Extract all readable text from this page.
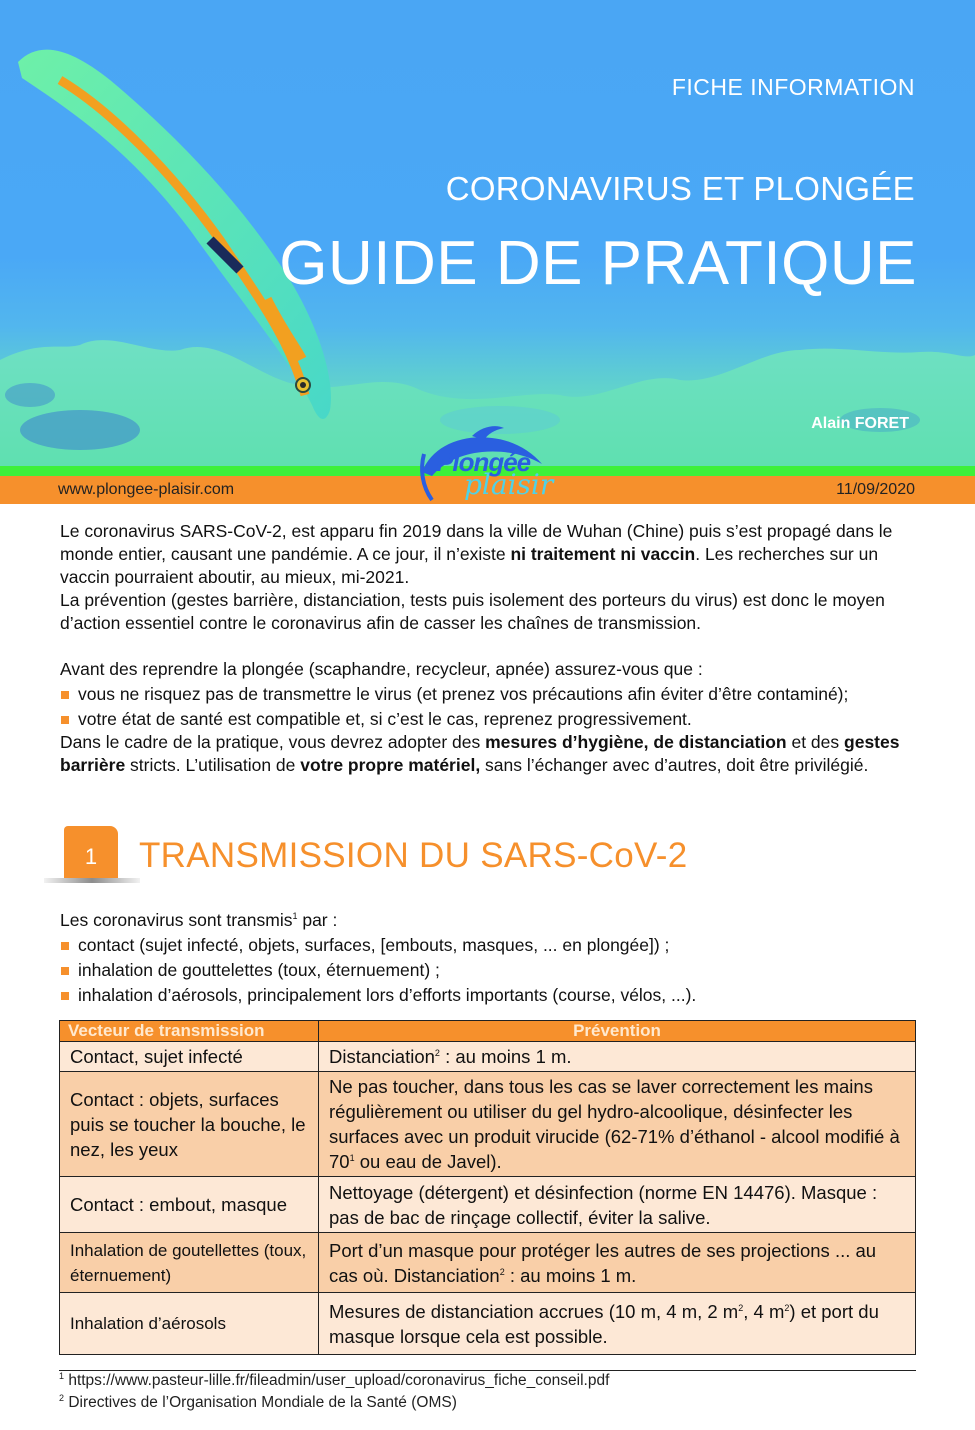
FICHE INFORMATION
CORONAVIRUS ET PLONGÉE
GUIDE DE PRATIQUE
Alain FORET
www.plongee-plaisir.com	11/09/2020
Plongée
plaisir

Le coronavirus SARS-CoV-2, est apparu fin 2019 dans la ville de Wuhan (Chine) puis s’est propagé dans le monde entier, causant une pandémie. A ce jour, il n’existe ni traitement ni vaccin. Les recherches sur un vaccin pourraient aboutir, au mieux, mi-2021.

La prévention (gestes barrière, distanciation, tests puis isolement des porteurs du virus) est donc le moyen d’action essentiel contre le coronavirus afin de casser les chaînes de transmission.

Avant des reprendre la plongée (scaphandre, recycleur, apnée) assurez-vous que :

vous ne risquez pas de transmettre le virus (et prenez vos précautions afin éviter d’être contaminé);
votre état de santé est compatible et, si c’est le cas, reprenez progressivement.

Dans le cadre de la pratique, vous devrez adopter des mesures d’hygiène, de distanciation et des gestes barrière stricts. L’utilisation de votre propre matériel, sans l’échanger avec d’autres, doit être privilégié.

1	TRANSMISSION DU SARS-CoV-2

Les coronavirus sont transmis$^1$ par :

contact (sujet infecté, objets, surfaces, [embouts, masques, ... en plongée]) ;
inhalation de gouttelettes (toux, éternuement) ;
inhalation d’aérosols, principalement lors d’efforts importants (course, vélos, ...).
Vecteur de transmission	Prévention
Contact, sujet infecté	Distanciation$^2$ : au moins 1 m.
Contact : objets, surfaces puis se toucher la bouche, le nez, les yeux	Ne pas toucher, dans tous les cas se laver correctement les mains régulièrement ou utiliser du gel hydro-alcoolique, désinfecter les surfaces avec un produit virucide (62-71% d’éthanol - alcool modifié à $70^1$ ou eau de Javel).
Contact : embout, masque	Nettoyage (détergent) et désinfection (norme EN 14476). Masque : pas de bac de rinçage collectif, éviter la salive.
Inhalation de goutellettes (toux, éternuement)	Port d’un masque pour protéger les autres de ses projections ... au cas où. Distanciation$^2$ : au moins 1 m.
Inhalation d’aérosols	Mesures de distanciation accrues (10 m, 4 m, 2 $m^2$, 4 $m^2$) et port du masque lorsque cela est possible.
$^1$ https://www.pasteur-lille.fr/fileadmin/user_upload/coronavirus_fiche_conseil.pdf
$^2$ Directives de l’Organisation Mondiale de la Santé (OMS)
